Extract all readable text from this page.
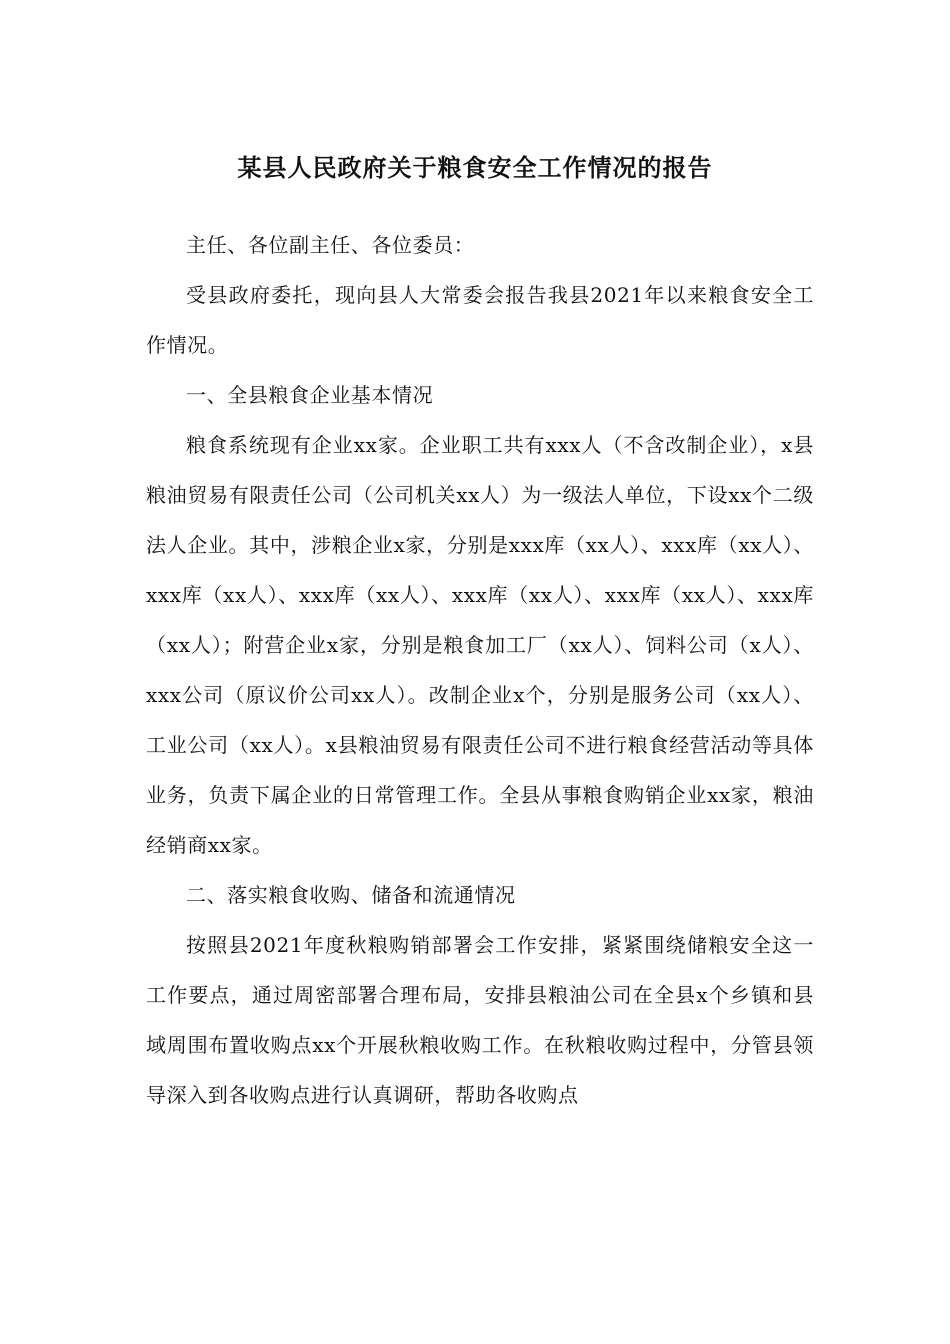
某县人民政府关于粮食安全工作情况的报告

主任、各位副主任、各位委员：

受县政府委托，现向县人大常委会报告我县2021年以来粮食安全工作情况。

一、全县粮食企业基本情况

粮食系统现有企业xx家。企业职工共有xxx人（不含改制企业），x县粮油贸易有限责任公司（公司机关xx人）为一级法人单位，下设xx个二级法人企业。其中，涉粮企业x家，分别是xxx库（xx人）、xxx库（xx人）、xxx库（xx人）、xxx库（xx人）、xxx库（xx人）、xxx库（xx人）、xxx库（xx人）；附营企业x家，分别是粮食加工厂（xx人）、饲料公司（x人）、xxx公司（原议价公司xx人）。改制企业x个，分别是服务公司（xx人）、工业公司（xx人）。x县粮油贸易有限责任公司不进行粮食经营活动等具体业务，负责下属企业的日常管理工作。全县从事粮食购销企业xx家，粮油经销商xx家。

二、落实粮食收购、储备和流通情况

按照县2021年度秋粮购销部署会工作安排，紧紧围绕储粮安全这一工作要点，通过周密部署合理布局，安排县粮油公司在全县x个乡镇和县域周围布置收购点xx个开展秋粮收购工作。在秋粮收购过程中，分管县领导深入到各收购点进行认真调研，帮助各收购点
